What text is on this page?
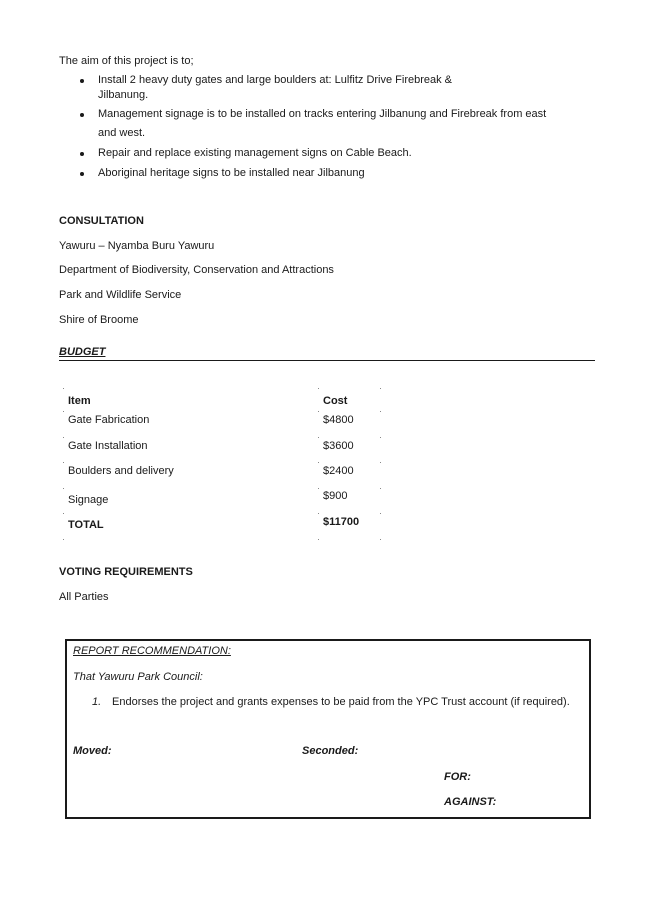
The aim of this project is to;
Install 2 heavy duty gates and large boulders at: Lulfitz Drive Firebreak &
Jilbanung.
Management signage is to be installed on tracks entering Jilbanung and Firebreak from east
and west.
Repair and replace existing management signs on Cable Beach.
Aboriginal heritage signs to be installed near Jilbanung
CONSULTATION
Yawuru – Nyamba Buru Yawuru
Department of Biodiversity, Conservation and Attractions
Park and Wildlife Service
Shire of Broome
BUDGET
Item	Cost
Gate Fabrication	$4800
Gate Installation	$3600
Boulders and delivery	$2400
Signage	$900
TOTAL	$11700
VOTING REQUIREMENTS
All Parties
REPORT RECOMMENDATION:
That Yawuru Park Council:
1. Endorses the project and grants expenses to be paid from the YPC Trust account (if required).
Moved:	Seconded:
FOR:
AGAINST:
